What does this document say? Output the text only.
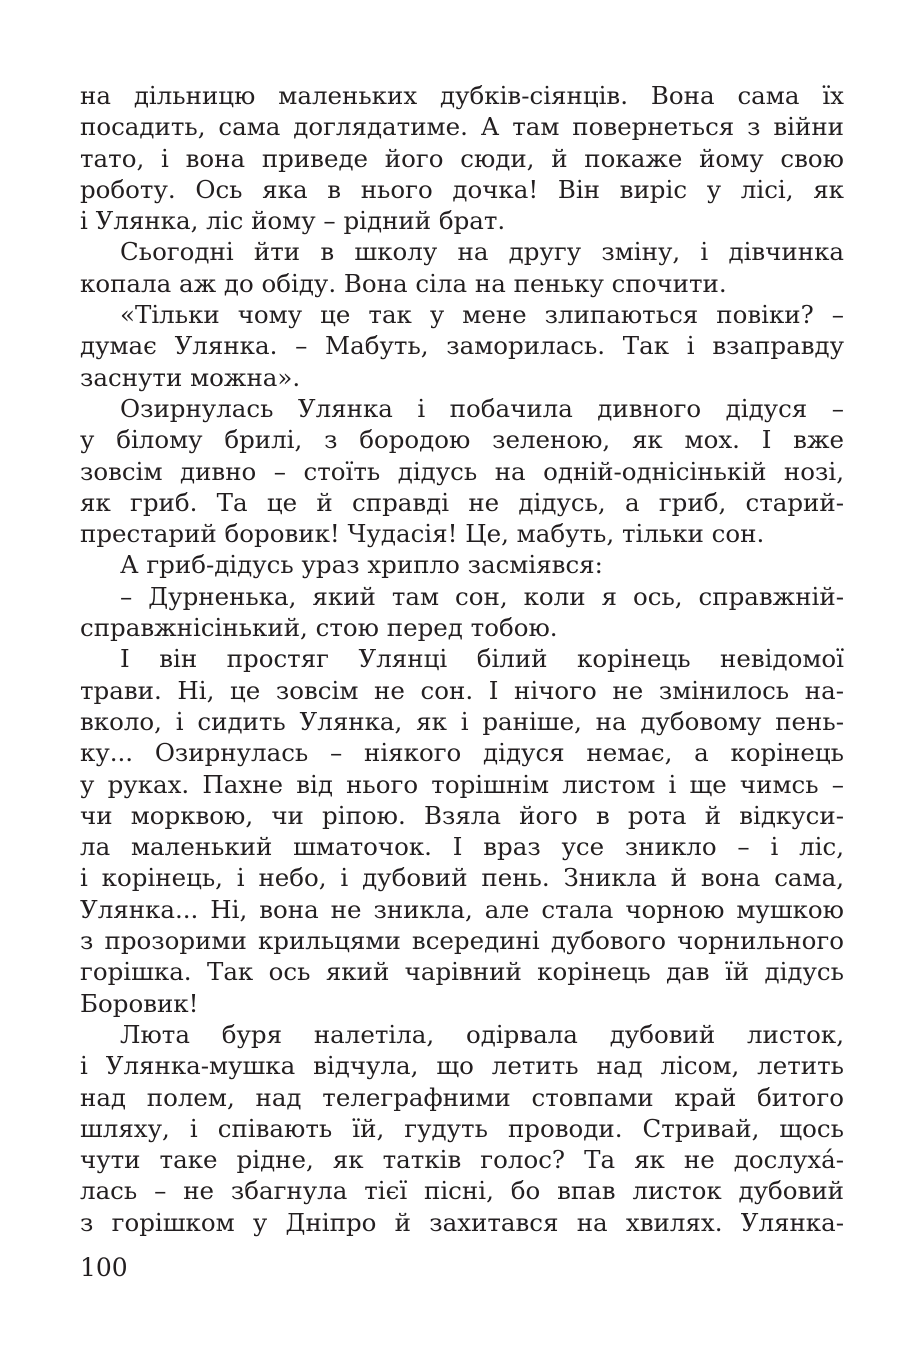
на дільницю маленьких дубків-сіянців. Вона сама їх
посадить, сама доглядатиме. А там повернеться з війни
тато, і вона приведе його сюди, й покаже йому свою
роботу. Ось яка в нього дочка! Він виріс у лісі, як
і Улянка, ліс йому – рідний брат.
Сьогодні йти в школу на другу зміну, і дівчинка
копала аж до обіду. Вона сіла на пеньку спочити.
«Тільки чому це так у мене злипаються повіки? –
думає Улянка. – Мабуть, заморилась. Так і взаправду
заснути можна».
Озирнулась Улянка і побачила дивного дідуся –
у білому брилі, з бородою зеленою, як мох. І вже
зовсім дивно – стоїть дідусь на одній-однісінькій нозі,
як гриб. Та це й справді не дідусь, а гриб, старий-
престарий боровик! Чудасія! Це, мабуть, тільки сон.
А гриб-дідусь ураз хрипло засміявся:
– Дурненька, який там сон, коли я ось, справжній-
справжнісінький, стою перед тобою.
І він простяг Улянці білий корінець невідомої
трави. Ні, це зовсім не сон. І нічого не змінилось на-
вколо, і сидить Улянка, як і раніше, на дубовому пень-
ку... Озирнулась – ніякого дідуся немає, а корінець
у руках. Пахне від нього торішнім листом і ще чимсь –
чи морквою, чи ріпою. Взяла його в рота й відкуси-
ла маленький шматочок. І враз усе зникло – і ліс,
і корінець, і небо, і дубовий пень. Зникла й вона сама,
Улянка... Ні, вона не зникла, але стала чорною мушкою
з прозорими крильцями всередині дубового чорнильного
горішка. Так ось який чарівний корінець дав їй дідусь
Боровик!
Люта буря налетіла, одірвала дубовий листок,
і Улянка-мушка відчула, що летить над лісом, летить
над полем, над телеграфними стовпами край битого
шляху, і співають їй, гудуть проводи. Стривай, щось
чути таке рідне, як татків голос? Та як не дослуха́-
лась – не збагнула тієї пісні, бо впав листок дубовий
з горішком у Дніпро й захитався на хвилях. Улянка-
100
